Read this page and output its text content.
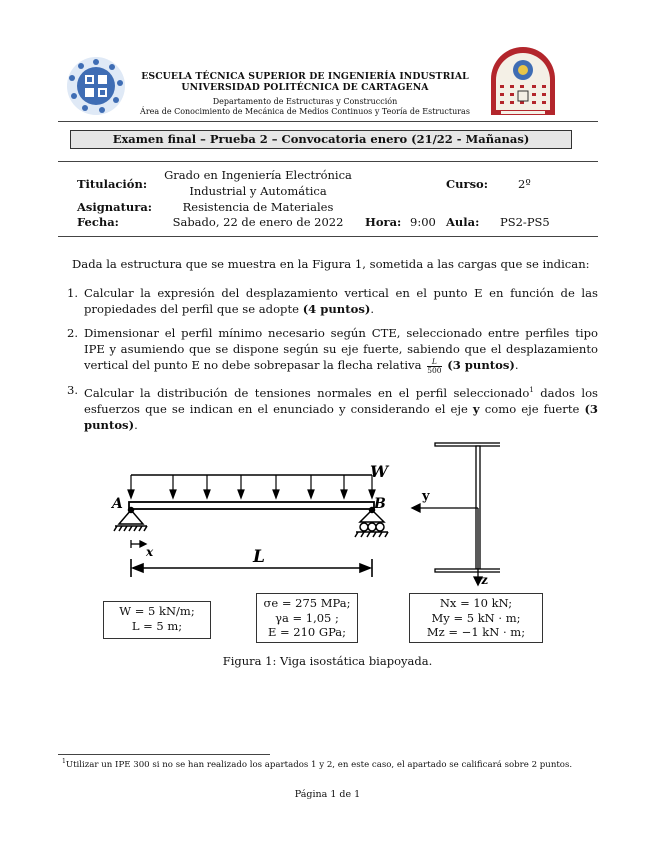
ESCUELA TÉCNICA SUPERIOR DE INGENIERÍA INDUSTRIAL
UNIVERSIDAD POLITÉCNICA DE CARTAGENA
Departamento de Estructuras y Construcción
Área de Conocimiento de Mecánica de Medios Continuos y Teoría de Estructuras
Examen final – Prueba 2 – Convocatoria enero (21/22 - Mañanas)
Titulación:
Grado en Ingeniería Electrónica
Industrial y Automática	Curso:	2º
Asignatura:	Resistencia de Materiales
Fecha:	Sabado, 22 de enero de 2022	Hora: 9:00 Aula: PS2-PS5
Dada la estructura que se muestra en la Figura 1, sometida a las cargas que se indican:
1. Calcular la expresión del desplazamiento vertical en el punto E en función de las propiedades del perfil que se adopte (4 puntos).
2. Dimensionar el perfil mínimo necesario según CTE, seleccionado entre perfiles tipo IPE y asumiendo que se dispone según su eje fuerte, sabiendo que el desplazamiento vertical del punto E no debe sobrepasar la flecha relativa $\frac{L}{500} (3$ puntos).
3. Calcular la distribución de tensiones normales en el perfil seleccionado$^1$ dados los esfuerzos que se indican en el enunciado y considerando el eje y como eje fuerte (3 puntos).
W
A	B
x	L
y
z
W = 5 kN/m;
L = 5 m;
σe = 275 MPa;
γa = 1,05 ;
E = 210 GPa;
Nx = 10 kN;
My = 5 kN · m;
Mz = −1 kN · m;
Figura 1: Viga isostática biapoyada.
$^1$Utilizar un IPE 300 si no se han realizado los apartados 1 y 2, en este caso, el apartado se calificará sobre 2 puntos.
Página 1 de 1
